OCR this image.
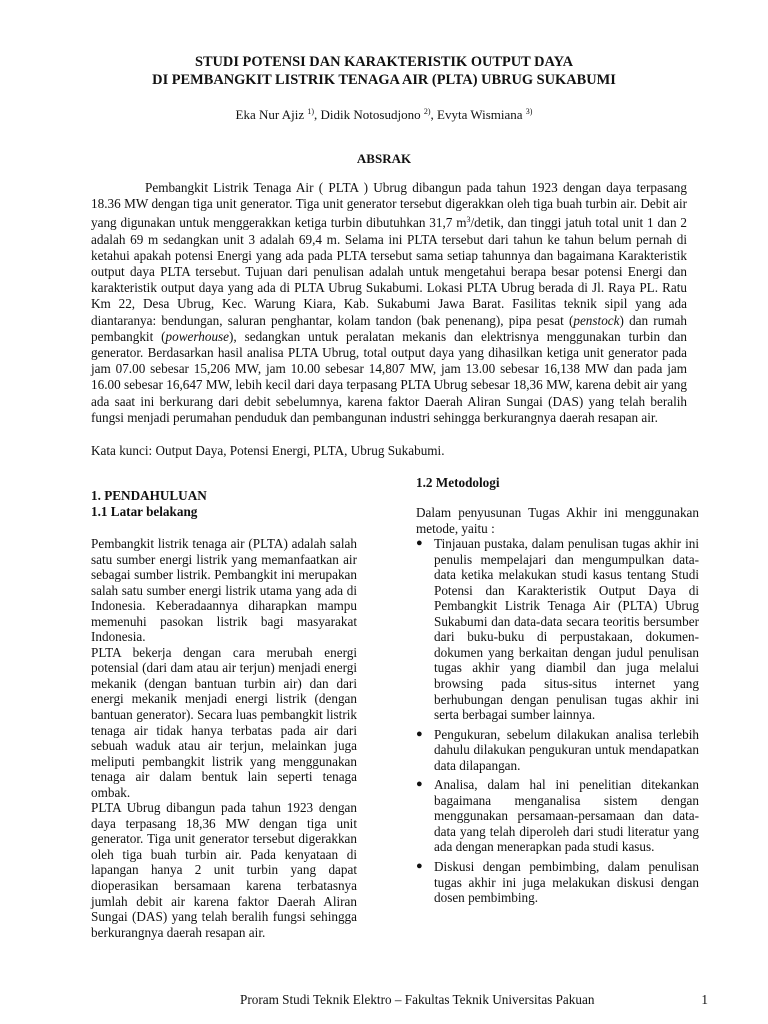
STUDI POTENSI DAN KARAKTERISTIK OUTPUT DAYA
DI PEMBANGKIT LISTRIK TENAGA AIR (PLTA) UBRUG SUKABUMI
Eka Nur Ajiz $^{1)}$, Didik Notosudjono $^{2)}$, Evyta Wismiana $^{3)}$
ABSRAK

Pembangkit Listrik Tenaga Air ( PLTA ) Ubrug dibangun pada tahun 1923 dengan daya terpasang 18.36 MW dengan tiga unit generator. Tiga unit generator tersebut digerakkan oleh tiga buah turbin air. Debit air yang digunakan untuk menggerakkan ketiga turbin dibutuhkan 31,7 $m^3$/detik, dan tinggi jatuh total unit 1 dan 2 adalah 69 m sedangkan unit 3 adalah 69,4 m. Selama ini PLTA tersebut dari tahun ke tahun belum pernah di ketahui apakah potensi Energi yang ada pada PLTA tersebut sama setiap tahunnya dan bagaimana Karakteristik output daya PLTA tersebut. Tujuan dari penulisan adalah untuk mengetahui berapa besar potensi Energi dan karakteristik output daya yang ada di PLTA Ubrug Sukabumi. Lokasi PLTA Ubrug berada di Jl. Raya PL. Ratu Km 22, Desa Ubrug, Kec. Warung Kiara, Kab. Sukabumi Jawa Barat. Fasilitas teknik sipil yang ada diantaranya: bendungan, saluran penghantar, kolam tandon (bak penenang), pipa pesat (penstock) dan rumah pembangkit (powerhouse), sedangkan untuk peralatan mekanis dan elektrisnya menggunakan turbin dan generator. Berdasarkan hasil analisa PLTA Ubrug, total output daya yang dihasilkan ketiga unit generator pada jam 07.00 sebesar 15,206 MW, jam 10.00 sebesar 14,807 MW, jam 13.00 sebesar 16,138 MW dan pada jam 16.00 sebesar 16,647 MW, lebih kecil dari daya terpasang PLTA Ubrug sebesar 18,36 MW, karena debit air yang ada saat ini berkurang dari debit sebelumnya, karena faktor Daerah Aliran Sungai (DAS) yang telah beralih fungsi menjadi perumahan penduduk dan pembangunan industri sehingga berkurangnya daerah resapan air.

Kata kunci: Output Daya, Potensi Energi, PLTA, Ubrug Sukabumi.
1. PENDAHULUAN
1.1 Latar belakang

Pembangkit listrik tenaga air (PLTA) adalah salah satu sumber energi listrik yang memanfaatkan air sebagai sumber listrik. Pembangkit ini merupakan salah satu sumber energi listrik utama yang ada di Indonesia. Keberadaannya diharapkan mampu memenuhi pasokan listrik bagi masyarakat Indonesia.

PLTA bekerja dengan cara merubah energi potensial (dari dam atau air terjun) menjadi energi mekanik (dengan bantuan turbin air) dan dari energi mekanik menjadi energi listrik (dengan bantuan generator). Secara luas pembangkit listrik tenaga air tidak hanya terbatas pada air dari sebuah waduk atau air terjun, melainkan juga meliputi pembangkit listrik yang menggunakan tenaga air dalam bentuk lain seperti tenaga ombak.

PLTA Ubrug dibangun pada tahun 1923 dengan daya terpasang 18,36 MW dengan tiga unit generator. Tiga unit generator tersebut digerakkan oleh tiga buah turbin air. Pada kenyataan di lapangan hanya 2 unit turbin yang dapat dioperasikan bersamaan karena terbatasnya jumlah debit air karena faktor Daerah Aliran Sungai (DAS) yang telah beralih fungsi sehingga berkurangnya daerah resapan air.

1.2 Metodologi

Dalam penyusunan Tugas Akhir ini menggunakan metode, yaitu :

● Tinjauan pustaka, dalam penulisan tugas akhir ini penulis mempelajari dan mengumpulkan data-data ketika melakukan studi kasus tentang Studi Potensi dan Karakteristik Output Daya di Pembangkit Listrik Tenaga Air (PLTA) Ubrug Sukabumi dan data-data secara teoritis bersumber dari buku-buku di perpustakaan, dokumen-dokumen yang berkaitan dengan judul penulisan tugas akhir yang diambil dan juga melalui browsing pada situs-situs internet yang berhubungan dengan penulisan tugas akhir ini serta berbagai sumber lainnya.
● Pengukuran, sebelum dilakukan analisa terlebih dahulu dilakukan pengukuran untuk mendapatkan data dilapangan.
● Analisa, dalam hal ini penelitian ditekankan bagaimana menganalisa sistem dengan menggunakan persamaan-persamaan dan data-data yang telah diperoleh dari studi literatur yang ada dengan menerapkan pada studi kasus.
● Diskusi dengan pembimbing, dalam penulisan tugas akhir ini juga melakukan diskusi dengan dosen pembimbing.
Proram Studi Teknik Elektro – Fakultas Teknik Universitas Pakuan	1
